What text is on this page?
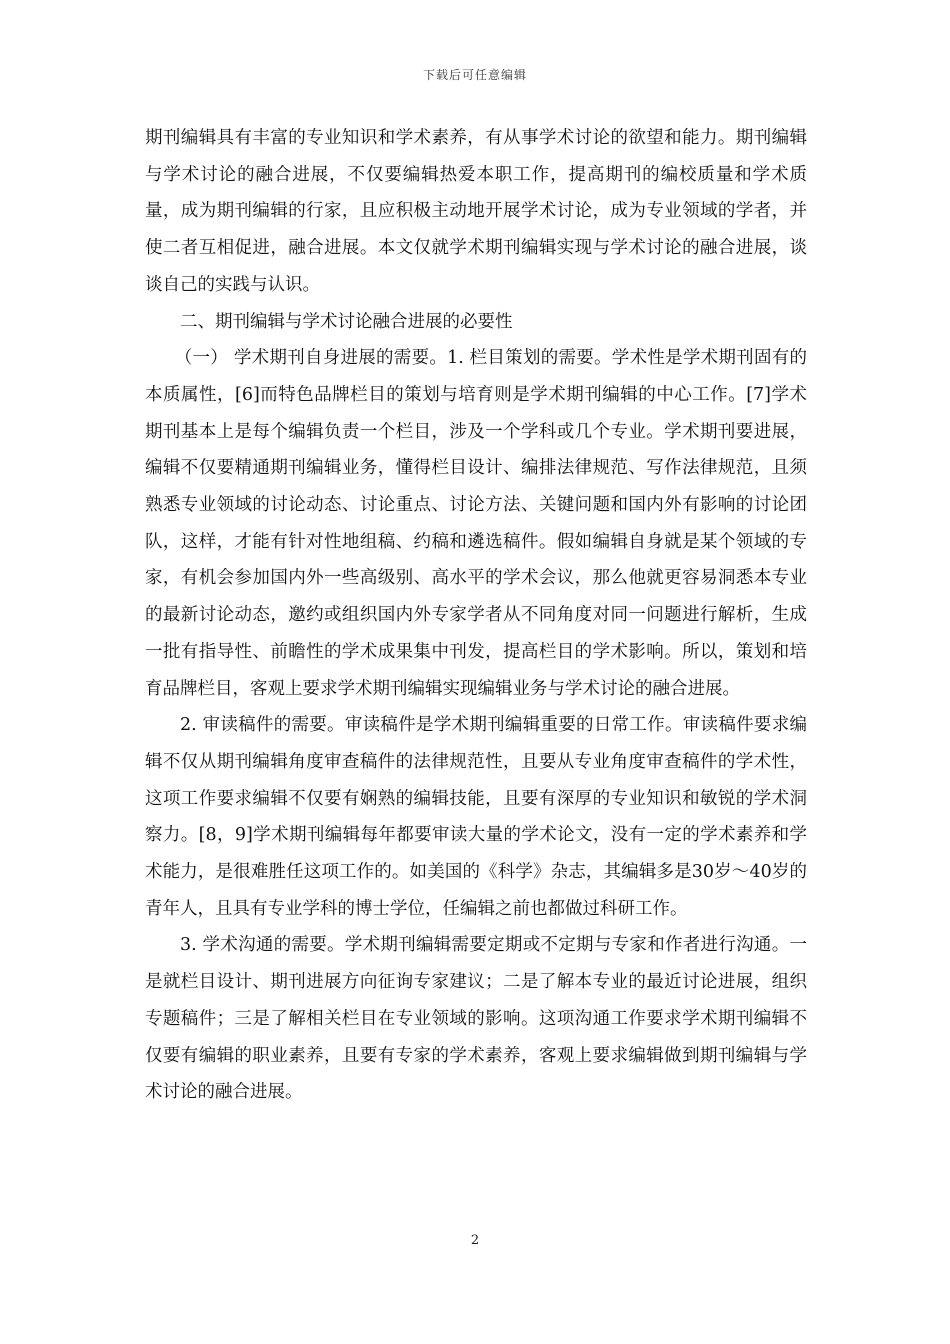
下载后可任意编辑

期刊编辑具有丰富的专业知识和学术素养，有从事学术讨论的欲望和能力。期刊编辑与学术讨论的融合进展，不仅要编辑热爱本职工作，提高期刊的编校质量和学术质量，成为期刊编辑的行家，且应积极主动地开展学术讨论，成为专业领域的学者，并使二者互相促进，融合进展。本文仅就学术期刊编辑实现与学术讨论的融合进展，谈谈自己的实践与认识。

二、期刊编辑与学术讨论融合进展的必要性

（一） 学术期刊自身进展的需要。1. 栏目策划的需要。学术性是学术期刊固有的本质属性，[6]而特色品牌栏目的策划与培育则是学术期刊编辑的中心工作。[7]学术期刊基本上是每个编辑负责一个栏目，涉及一个学科或几个专业。学术期刊要进展，编辑不仅要精通期刊编辑业务，懂得栏目设计、编排法律规范、写作法律规范，且须熟悉专业领域的讨论动态、讨论重点、讨论方法、关键问题和国内外有影响的讨论团队，这样，才能有针对性地组稿、约稿和遴选稿件。假如编辑自身就是某个领域的专家，有机会参加国内外一些高级别、高水平的学术会议，那么他就更容易洞悉本专业的最新讨论动态，邀约或组织国内外专家学者从不同角度对同一问题进行解析，生成一批有指导性、前瞻性的学术成果集中刊发，提高栏目的学术影响。所以，策划和培育品牌栏目，客观上要求学术期刊编辑实现编辑业务与学术讨论的融合进展。

2. 审读稿件的需要。审读稿件是学术期刊编辑重要的日常工作。审读稿件要求编辑不仅从期刊编辑角度审查稿件的法律规范性，且要从专业角度审查稿件的学术性，这项工作要求编辑不仅要有娴熟的编辑技能，且要有深厚的专业知识和敏锐的学术洞察力。[8，9]学术期刊编辑每年都要审读大量的学术论文，没有一定的学术素养和学术能力，是很难胜任这项工作的。如美国的《科学》杂志，其编辑多是30岁～40岁的青年人，且具有专业学科的博士学位，任编辑之前也都做过科研工作。

3. 学术沟通的需要。学术期刊编辑需要定期或不定期与专家和作者进行沟通。一是就栏目设计、期刊进展方向征询专家建议；二是了解本专业的最近讨论进展，组织专题稿件；三是了解相关栏目在专业领域的影响。这项沟通工作要求学术期刊编辑不仅要有编辑的职业素养，且要有专家的学术素养，客观上要求编辑做到期刊编辑与学术讨论的融合进展。

2
